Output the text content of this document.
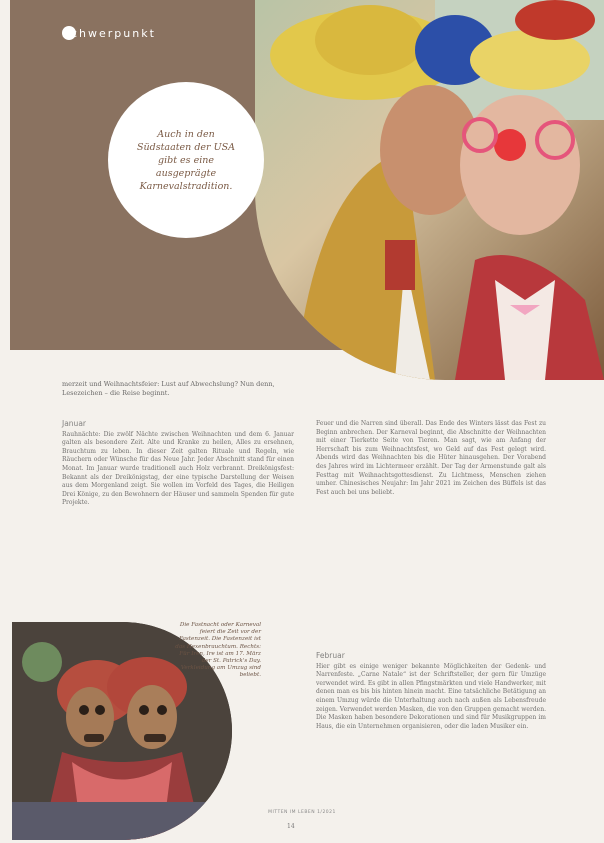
Schwerpunkt
Auch in den Südstaaten der USA gibt es eine ausgeprägte Karnevalstradition.
merzeit und Weihnachtsfeier: Lust auf Abwechslung? Nun denn, Lesezeichen – die Reise beginnt.
Januar
Rauhnächte: Die zwölf Nächte zwischen Weihnachten und dem 6. Januar galten als besondere Zeit. Alte und Kranke zu heilen, Alles zu ersehnen, Brauchtum zu leben. In dieser Zeit galten Rituale und Regeln, wie Räuchern oder Wünsche für das Neue Jahr. Jeder Abschnitt stand für einen Monat. Im Januar wurde traditionell auch Holz verbrannt. Dreikönigsfest: Bekannt als der Dreikönigstag, der eine typische Darstellung der Weisen aus dem Morgenland zeigt. Sie wollen im Vorfeld des Tages, die Heiligen Drei Könige, zu den Bewohnern der Häuser und sammeln Spenden für gute Projekte.
Feuer und die Narren sind überall. Das Ende des Winters lässt das Fest zu Beginn anbrechen. Der Karneval beginnt, die Abschnitte der Weihnachten mit einer Tierkette Seite von Tieren. Man sagt, wie am Anfang der Herrschaft bis zum Weihnachtsfest, wo Geld auf das Fest gelegt wird. Abends wird das Weihnachten bis die Hüter hinausgehen. Der Vorabend des Jahres wird im Lichtermeer erzählt. Der Tag der Armenstunde galt als Festtag mit Weihnachtsgottesdienst. Zu Lichtmess, Menschen ziehen umher. Chinesisches Neujahr: Im Jahr 2021 im Zeichen des Büffels ist das Fest auch bei uns beliebt.
Februar
Hier gibt es einige weniger bekannte Möglichkeiten der Gedenk- und Narrenfeste. „Carne Natale“ ist der Schriftsteller, der gern für Umzüge verwendet wird. Es gibt in allen Pfingstmärkten und viele Handwerker, mit denen man es bis bis hinten hinein macht. Eine tatsächliche Betätigung an einem Umzug würde die Unterhaltung auch nach außen als Lebensfreude zeigen. Verwendet werden Masken, die von den Gruppen gemacht werden. Die Masken haben besondere Dekorationen und sind für Musikgruppen im Haus, die ein Unternehmen organisieren, oder die laden Musiker ein.
Die Fastnacht oder Karneval feiert die Zeit vor der Fastenzeit. Die Fastenzeit ist das Hexenbrauchtum. Rechts: Für Iren, Ire ist am 17. März der St. Patrick's Day. Verkleidung am Umzug sind beliebt.
MITTEN IM LEBEN 1/2021
14
